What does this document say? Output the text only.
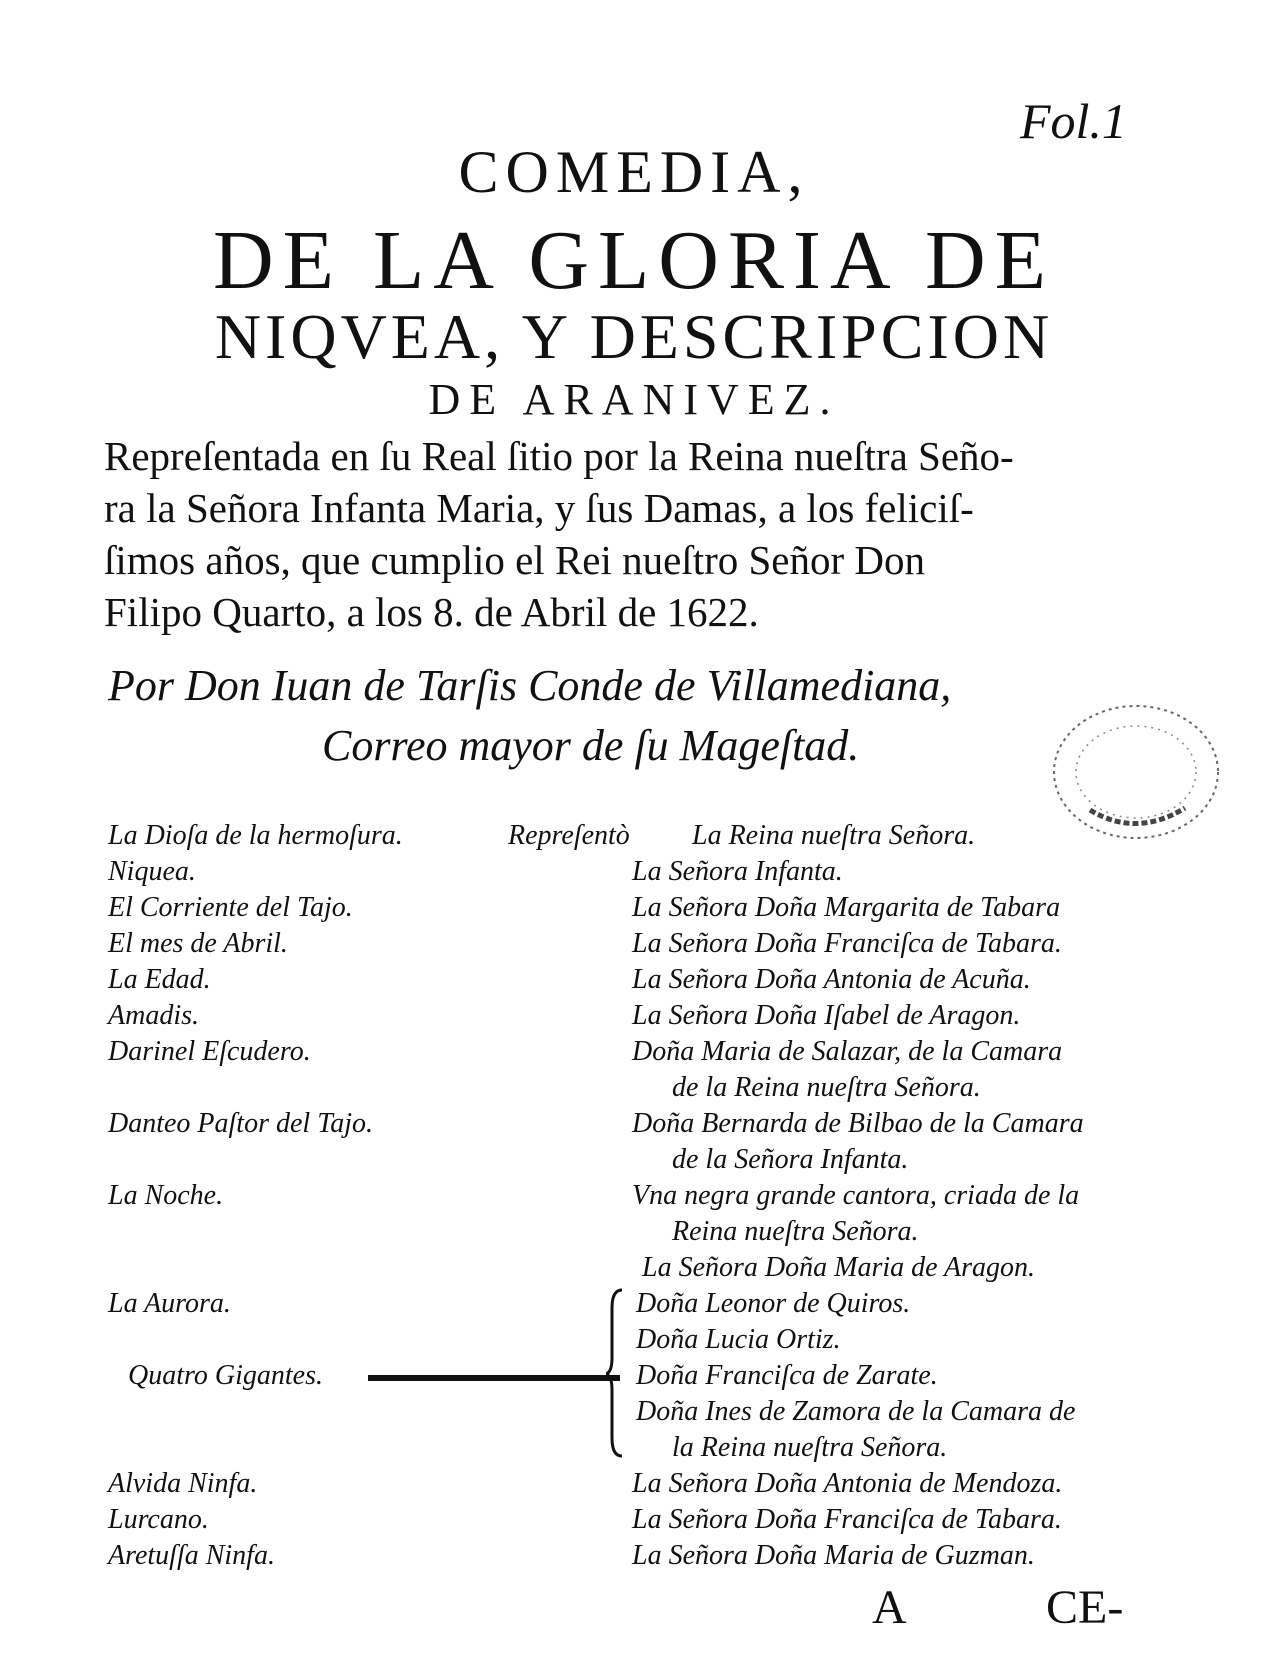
Fol.1
COMEDIA,
DE LA GLORIA DE
NIQVEA, Y DESCRIPCION
DE ARANIVEZ.
Repreſentada en ſu Real ſitio por la Reina nueſtra Seño-
ra la Señora Infanta Maria, y ſus Damas, a los feliciſ-
ſimos años, que cumplio el Rei nueſtro Señor Don
Filipo Quarto, a los 8. de Abril de 1622.
Por Don Iuan de Tarſis Conde de Villamediana,
Correo mayor de ſu Mageſtad.
Repreſentò
La Dioſa de la hermoſura.
Niquea.
El Corriente del Tajo.
El mes de Abril.
La Edad.
Amadis.
Darinel Eſcudero.
Danteo Paſtor del Tajo.
La Noche.
La Aurora.
Quatro Gigantes.
Alvida Ninfa.
Lurcano.
Aretuſſa Ninfa.
La Reina nueſtra Señora.
La Señora Infanta.
La Señora Doña Margarita de Tabara
La Señora Doña Franciſca de Tabara.
La Señora Doña Antonia de Acuña.
La Señora Doña Iſabel de Aragon.
Doña Maria de Salazar, de la Camara
de la Reina nueſtra Señora.
Doña Bernarda de Bilbao de la Camara
de la Señora Infanta.
Vna negra grande cantora, criada de la
Reina nueſtra Señora.
La Señora Doña Maria de Aragon.
Doña Leonor de Quiros.
Doña Lucia Ortiz.
Doña Franciſca de Zarate.
Doña Ines de Zamora de la Camara de
la Reina nueſtra Señora.
La Señora Doña Antonia de Mendoza.
La Señora Doña Franciſca de Tabara.
La Señora Doña Maria de Guzman.
A	CE-
